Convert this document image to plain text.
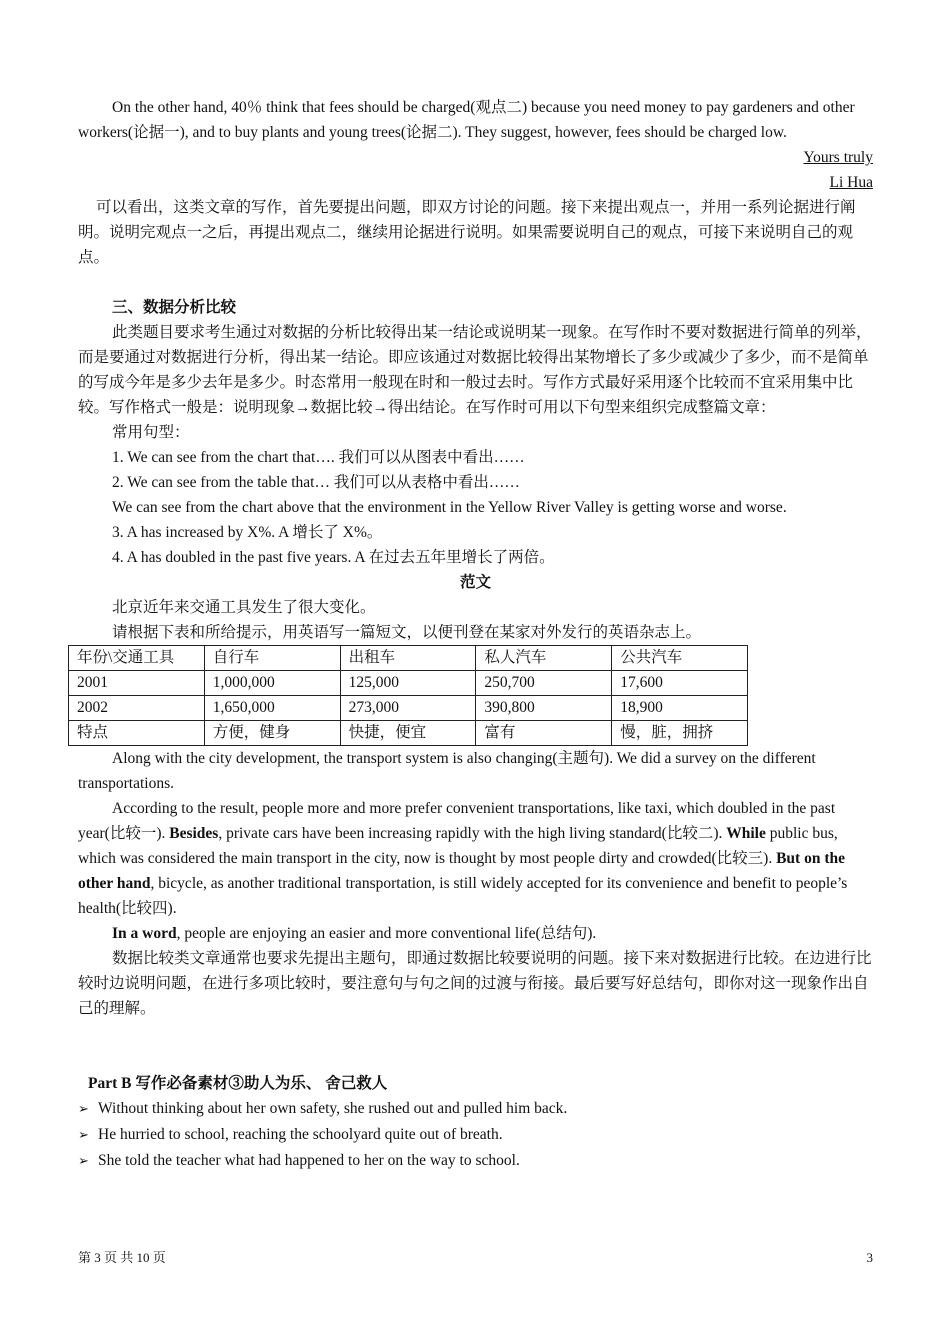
On the other hand, 40％ think that fees should be charged(观点二) because you need money to pay gardeners and other workers(论据一), and to buy plants and young trees(论据二). They suggest, however, fees should be charged low.

Yours truly

Li Hua

可以看出，这类文章的写作，首先要提出问题，即双方讨论的问题。接下来提出观点一，并用一系列论据进行阐明。说明完观点一之后，再提出观点二，继续用论据进行说明。如果需要说明自己的观点，可接下来说明自己的观点。

三、数据分析比较

此类题目要求考生通过对数据的分析比较得出某一结论或说明某一现象。在写作时不要对数据进行简单的列举，而是要通过对数据进行分析，得出某一结论。即应该通过对数据比较得出某物增长了多少或减少了多少，而不是简单的写成今年是多少去年是多少。时态常用一般现在时和一般过去时。写作方式最好采用逐个比较而不宜采用集中比较。写作格式一般是：说明现象→数据比较→得出结论。在写作时可用以下句型来组织完成整篇文章：

常用句型：

1. We can see from the chart that…. 我们可以从图表中看出……

2. We can see from the table that… 我们可以从表格中看出……

We can see from the chart above that the environment in the Yellow River Valley is getting worse and worse.

3. A has increased by X%. A 增长了 X%。

4. A has doubled in the past five years. A 在过去五年里增长了两倍。

范文

北京近年来交通工具发生了很大变化。

请根据下表和所给提示，用英语写一篇短文，以便刊登在某家对外发行的英语杂志上。

年份\交通工具	自行车	出租车	私人汽车	公共汽车
2001	1,000,000	125,000	250,700	17,600
2002	1,650,000	273,000	390,800	18,900
特点	方便，健身	快捷，便宜	富有	慢，脏，拥挤

Along with the city development, the transport system is also changing(主题句). We did a survey on the different transportations.

According to the result, people more and more prefer convenient transportations, like taxi, which doubled in the past year(比较一). Besides, private cars have been increasing rapidly with the high living standard(比较二). While public bus, which was considered the main transport in the city, now is thought by most people dirty and crowded(比较三). But on the other hand, bicycle, as another traditional transportation, is still widely accepted for its convenience and benefit to people’s health(比较四).

In a word, people are enjoying an easier and more conventional life(总结句).

数据比较类文章通常也要求先提出主题句，即通过数据比较要说明的问题。接下来对数据进行比较。在边进行比较时边说明问题，在进行多项比较时，要注意句与句之间的过渡与衔接。最后要写好总结句，即你对这一现象作出自己的理解。

Part B 写作必备素材③助人为乐、 舍己救人

➢ Without thinking about her own safety, she rushed out and pulled him back.

➢ He hurried to school, reaching the schoolyard quite out of breath.

➢ She told the teacher what had happened to her on the way to school.

第 3 页 共 10 页	3
